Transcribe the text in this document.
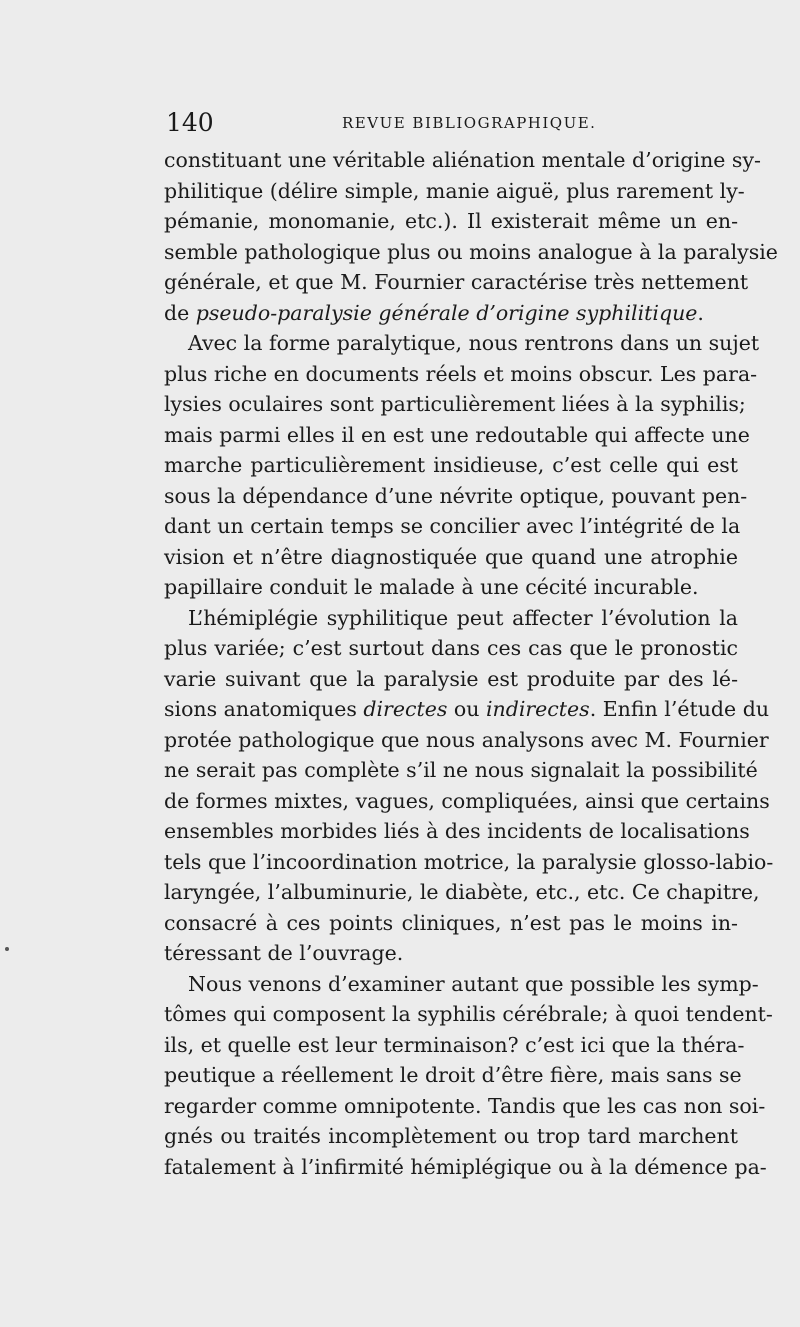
140	REVUE BIBLIOGRAPHIQUE.
constituant une véritable aliénation mentale d’origine sy-
philitique (délire simple, manie aiguë, plus rarement ly-
pémanie, monomanie, etc.). Il existerait même un en-
semble pathologique plus ou moins analogue à la paralysie
générale, et que M. Fournier caractérise très nettement
de pseudo-paralysie générale d’origine syphilitique.
Avec la forme paralytique, nous rentrons dans un sujet
plus riche en documents réels et moins obscur. Les para-
lysies oculaires sont particulièrement liées à la syphilis;
mais parmi elles il en est une redoutable qui affecte une
marche particulièrement insidieuse, c’est celle qui est
sous la dépendance d’une névrite optique, pouvant pen-
dant un certain temps se concilier avec l’intégrité de la
vision et n’être diagnostiquée que quand une atrophie
papillaire conduit le malade à une cécité incurable.
L’hémiplégie syphilitique peut affecter l’évolution la
plus variée; c’est surtout dans ces cas que le pronostic
varie suivant que la paralysie est produite par des lé-
sions anatomiques directes ou indirectes. Enfin l’étude du
protée pathologique que nous analysons avec M. Fournier
ne serait pas complète s’il ne nous signalait la possibilité
de formes mixtes, vagues, compliquées, ainsi que certains
ensembles morbides liés à des incidents de localisations
tels que l’incoordination motrice, la paralysie glosso-labio-
laryngée, l’albuminurie, le diabète, etc., etc. Ce chapitre,
consacré à ces points cliniques, n’est pas le moins in-
téressant de l’ouvrage.
Nous venons d’examiner autant que possible les symp-
tômes qui composent la syphilis cérébrale; à quoi tendent-
ils, et quelle est leur terminaison? c’est ici que la théra-
peutique a réellement le droit d’être fière, mais sans se
regarder comme omnipotente. Tandis que les cas non soi-
gnés ou traités incomplètement ou trop tard marchent
fatalement à l’infirmité hémiplégique ou à la démence pa-
